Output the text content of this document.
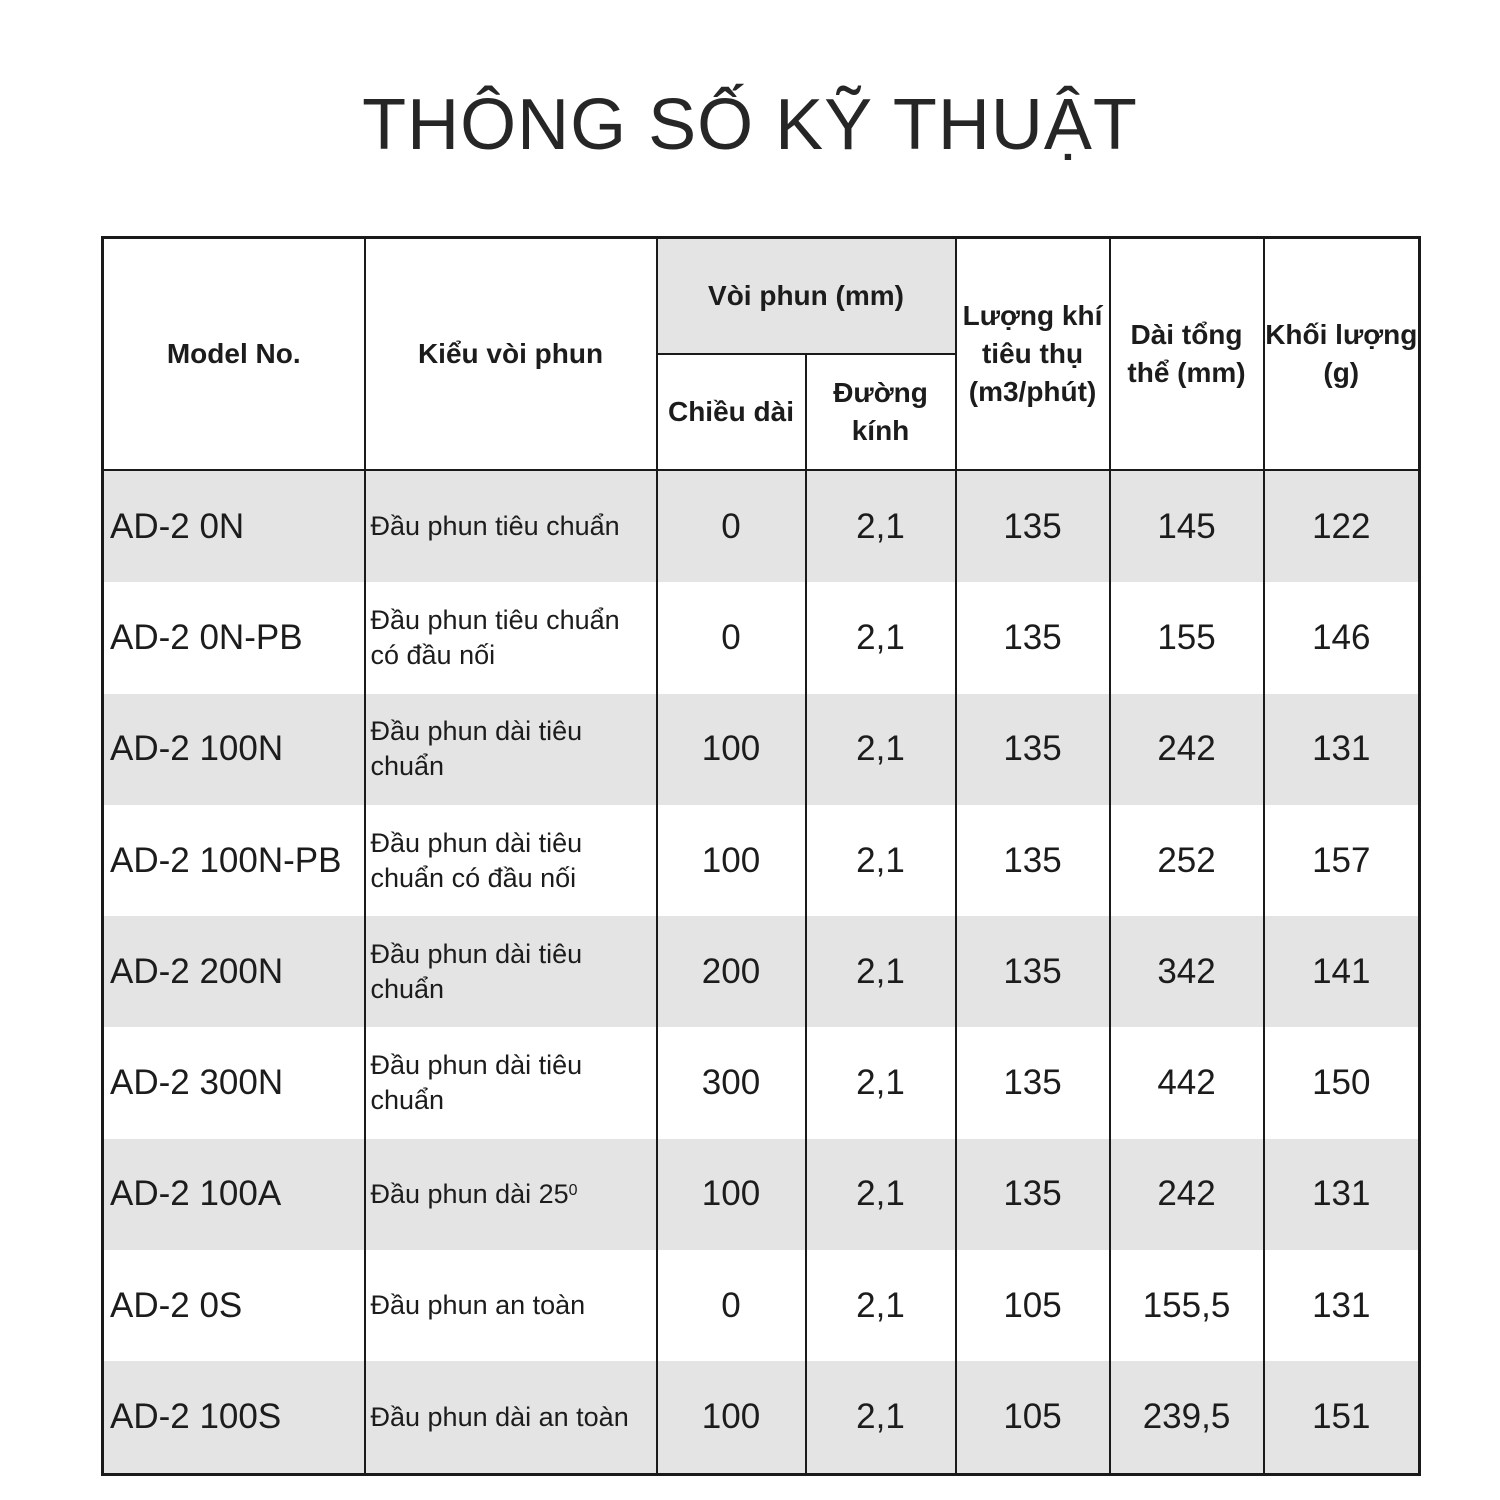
THÔNG SỐ KỸ THUẬT
Model No.	Kiểu vòi phun	Vòi phun (mm)		Lượng khí tiêu thụ (m3/phút)	Dài tổng thể (mm)	Khối lượng (g)
		Chiều dài	Đường kính			
AD-2 0N	Đầu phun tiêu chuẩn	0	2,1	135	145	122
AD-2 0N-PB	Đầu phun tiêu chuẩn có đầu nối	0	2,1	135	155	146
AD-2 100N	Đầu phun dài tiêu chuẩn	100	2,1	135	242	131
AD-2 100N-PB	Đầu phun dài tiêu chuẩn có đầu nối	100	2,1	135	252	157
AD-2 200N	Đầu phun dài tiêu chuẩn	200	2,1	135	342	141
AD-2 300N	Đầu phun dài tiêu chuẩn	300	2,1	135	442	150
AD-2 100A	Đầu phun dài $25^0$	100	2,1	135	242	131
AD-2 0S	Đầu phun an toàn	0	2,1	105	155,5	131
AD-2 100S	Đầu phun dài an toàn	100	2,1	105	239,5	151
